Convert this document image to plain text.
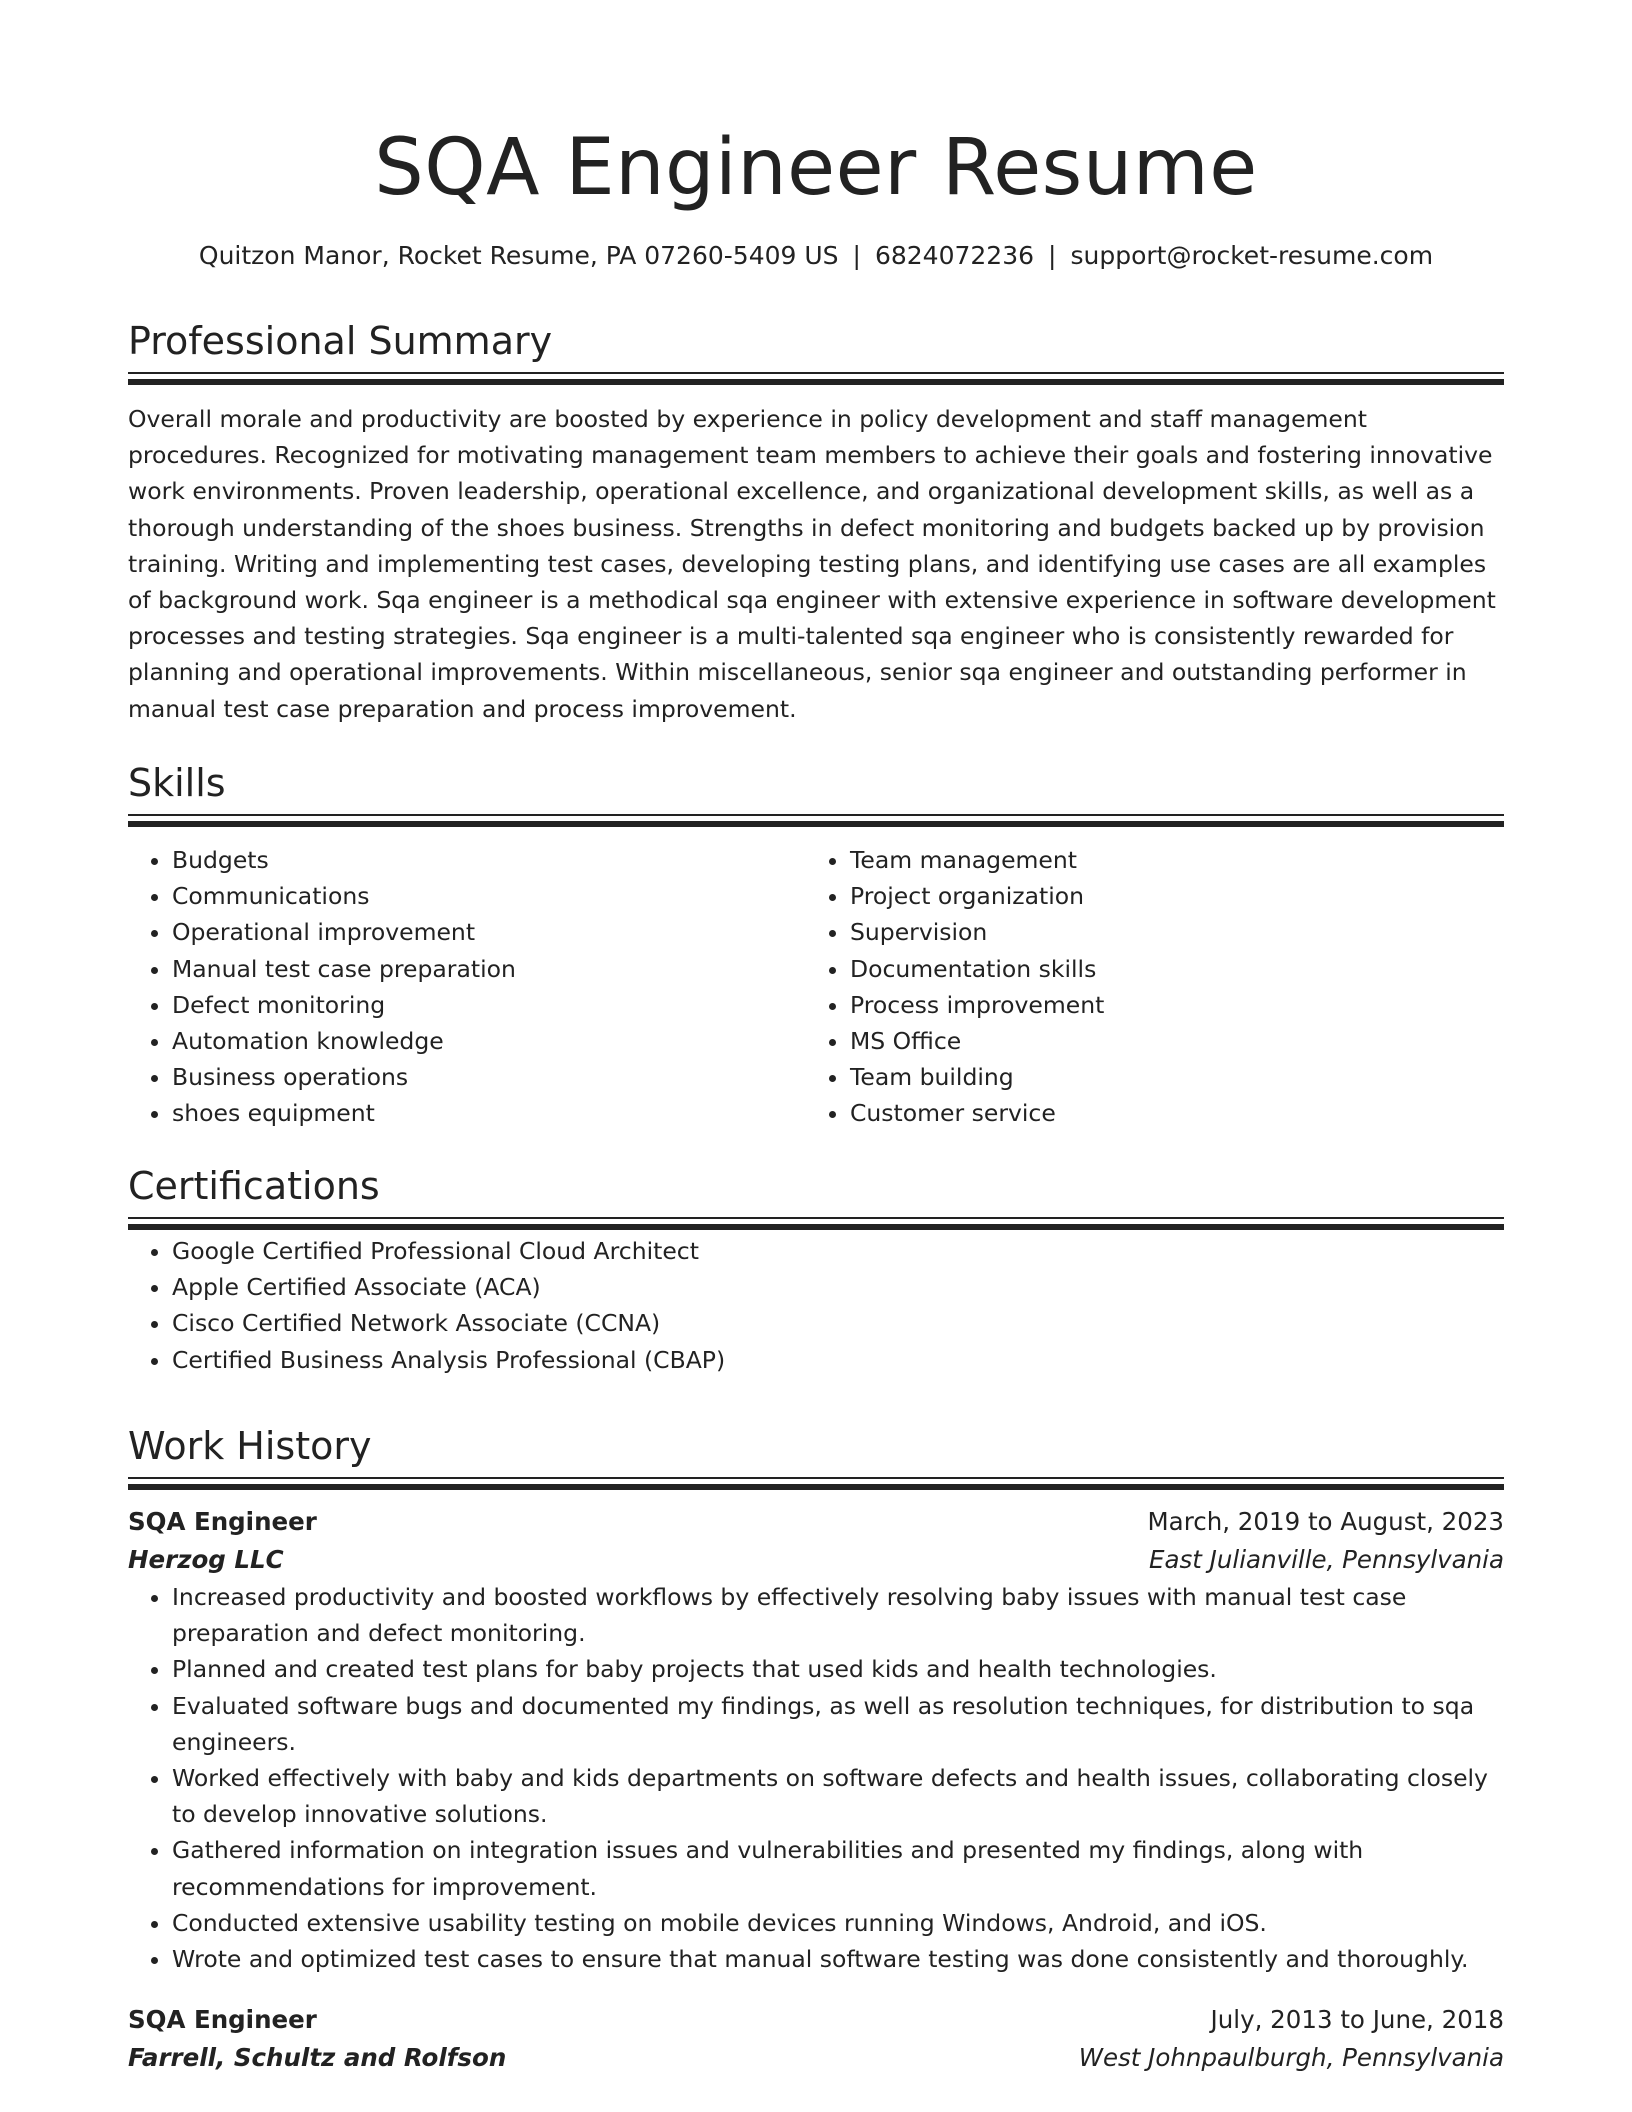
SQA Engineer Resume
Quitzon Manor, Rocket Resume, PA 07260-5409 US | 6824072236 | support@rocket-resume.com
Professional Summary

Overall morale and productivity are boosted by experience in policy development and staff management procedures. Recognized for motivating management team members to achieve their goals and fostering innovative work environments. Proven leadership, operational excellence, and organizational development skills, as well as a thorough understanding of the shoes business. Strengths in defect monitoring and budgets backed up by provision training. Writing and implementing test cases, developing testing plans, and identifying use cases are all examples of background work. Sqa engineer is a methodical sqa engineer with extensive experience in software development processes and testing strategies. Sqa engineer is a multi-talented sqa engineer who is consistently rewarded for planning and operational improvements. Within miscellaneous, senior sqa engineer and outstanding performer in manual test case preparation and process improvement.

Skills
• Budgets
• Communications
• Operational improvement
• Manual test case preparation
• Defect monitoring
• Automation knowledge
• Business operations
• shoes equipment
• Team management
• Project organization
• Supervision
• Documentation skills
• Process improvement
• MS Office
• Team building
• Customer service
Certifications
• Google Certified Professional Cloud Architect
• Apple Certified Associate (ACA)
• Cisco Certified Network Associate (CCNA)
• Certified Business Analysis Professional (CBAP)
Work History
SQA Engineer	March, 2019 to August, 2023
Herzog LLC	East Julianville, Pennsylvania
• Increased productivity and boosted workflows by effectively resolving baby issues with manual test case preparation and defect monitoring.
• Planned and created test plans for baby projects that used kids and health technologies.
• Evaluated software bugs and documented my findings, as well as resolution techniques, for distribution to sqa engineers.
• Worked effectively with baby and kids departments on software defects and health issues, collaborating closely to develop innovative solutions.
• Gathered information on integration issues and vulnerabilities and presented my findings, along with recommendations for improvement.
• Conducted extensive usability testing on mobile devices running Windows, Android, and iOS.
• Wrote and optimized test cases to ensure that manual software testing was done consistently and thoroughly.
SQA Engineer	July, 2013 to June, 2018
Farrell, Schultz and Rolfson	West Johnpaulburgh, Pennsylvania
